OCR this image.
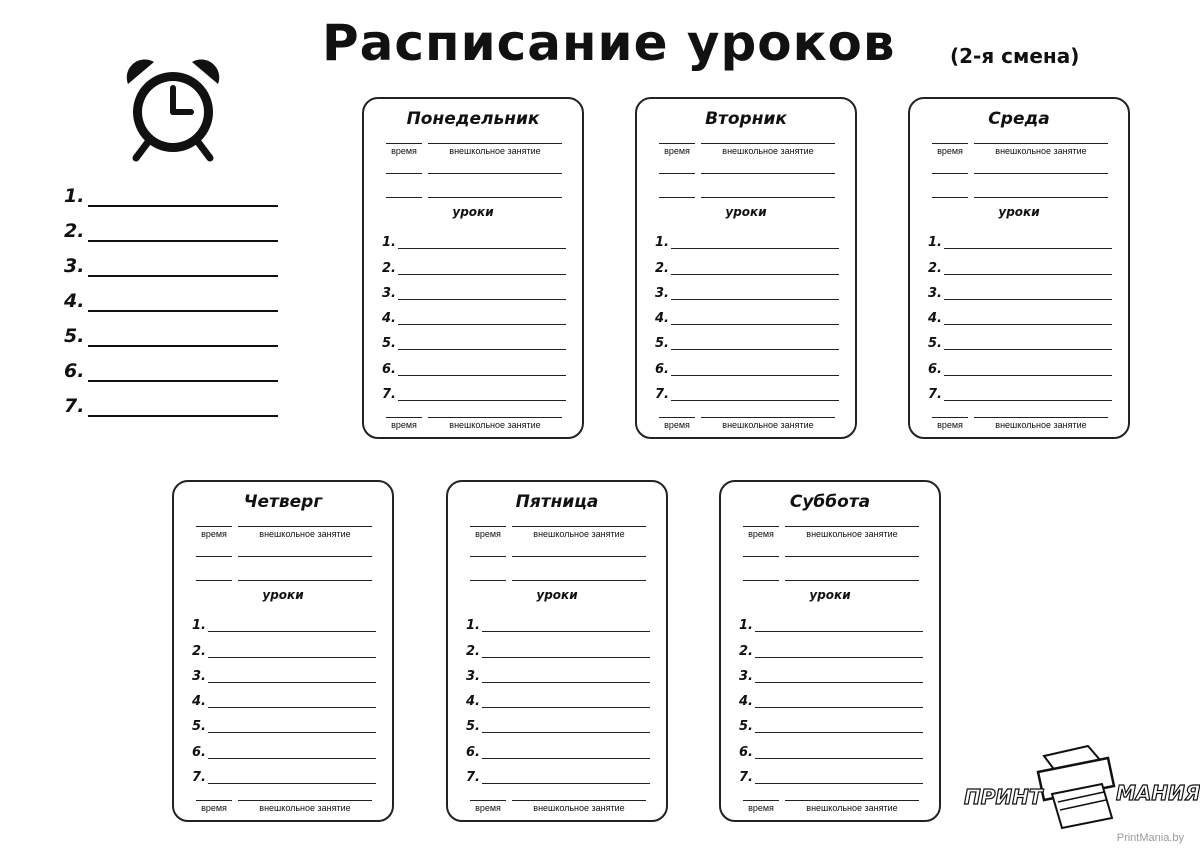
Расписание уроков	(2-я смена)
1.
2.
3.
4.
5.
6.
7.
Понедельник
время	внешкольное занятие
уроки
1.
2.
3.
4.
5.
6.
7.
время	внешкольное занятие
Вторник
время	внешкольное занятие
уроки
1.
2.
3.
4.
5.
6.
7.
время	внешкольное занятие
Среда
время	внешкольное занятие
уроки
1.
2.
3.
4.
5.
6.
7.
время	внешкольное занятие
Четверг
время	внешкольное занятие
уроки
1.
2.
3.
4.
5.
6.
7.
время	внешкольное занятие
Пятница
время	внешкольное занятие
уроки
1.
2.
3.
4.
5.
6.
7.
время	внешкольное занятие
Суббота
время	внешкольное занятие
уроки
1.
2.
3.
4.
5.
6.
7.
время	внешкольное занятие	ПРИНТ	МАНИЯ
PrintMania.by
